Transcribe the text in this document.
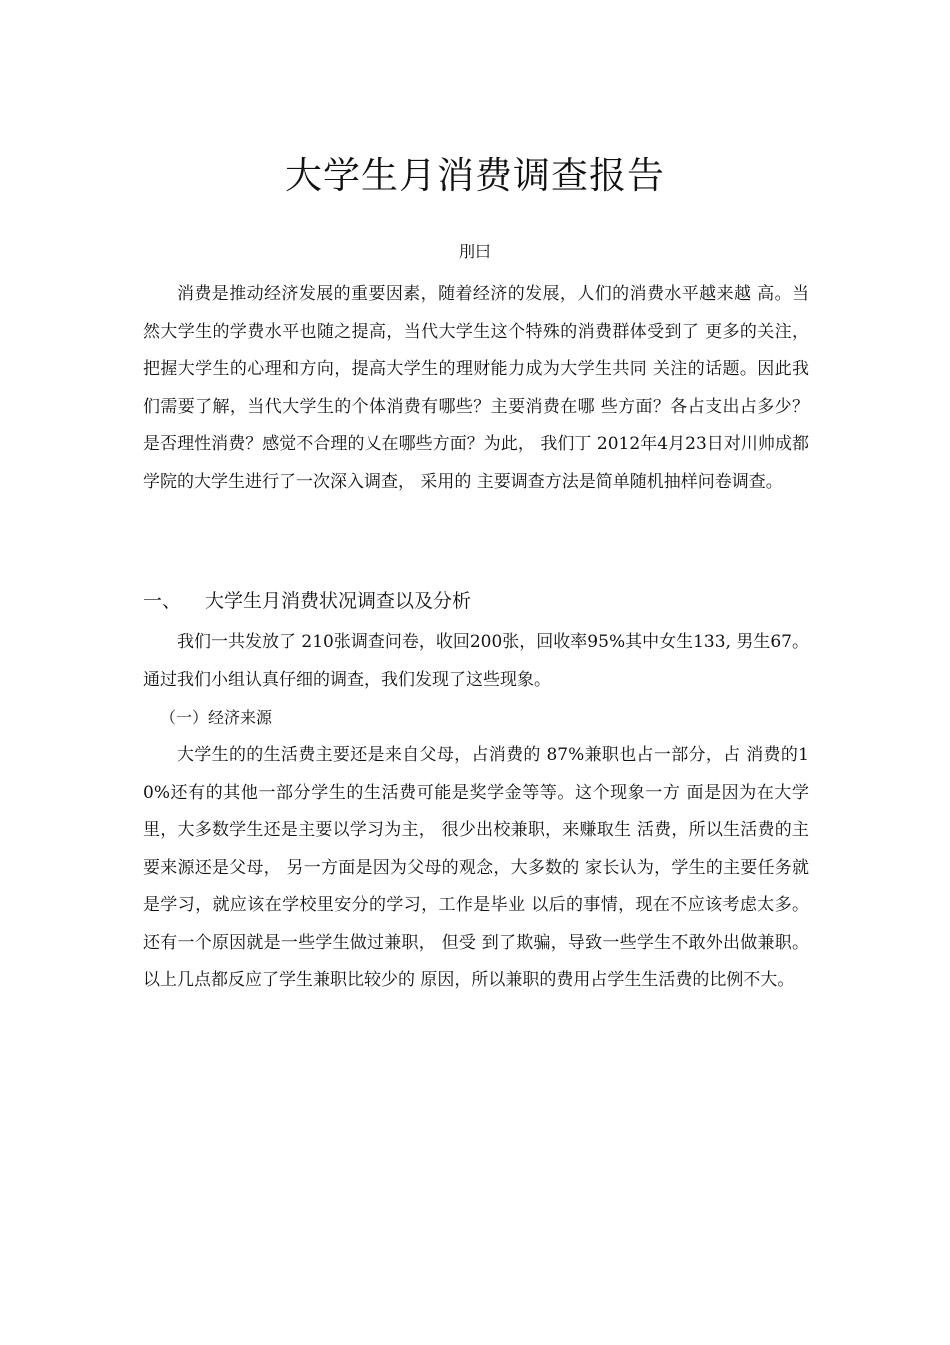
大学生月消费调查报告
刖曰

消费是推动经济发展的重要因素，随着经济的发展，人们的消费水平越来越 高。当然大学生的学费水平也随之提高，当代大学生这个特殊的消费群体受到了 更多的关注，把握大学生的心理和方向，提高大学生的理财能力成为大学生共同 关注的话题。因此我们需要了解，当代大学生的个体消费有哪些？主要消费在哪 些方面？各占支出占多少？是否理性消费？感觉不合理的乂在哪些方面？为此， 我们丁 2012年4月23日对川帅成都学院的大学生进行了一次深入调查， 采用的 主要调查方法是简单随机抽样问卷调查。

一、 大学生月消费状况调查以及分析

我们一共发放了 210张调查问卷，收回200张，回收率95%其中女生133, 男生67。通过我们小组认真仔细的调查，我们发现了这些现象。

（一）经济来源

大学生的的生活费主要还是来自父母，占消费的 87%兼职也占一部分，占 消费的10%还有的其他一部分学生的生活费可能是奖学金等等。这个现象一方 面是因为在大学里，大多数学生还是主要以学习为主， 很少出校兼职，来赚取生 活费，所以生活费的主要来源还是父母， 另一方面是因为父母的观念，大多数的 家长认为，学生的主要任务就是学习，就应该在学校里安分的学习，工作是毕业 以后的事情，现在不应该考虑太多。还有一个原因就是一些学生做过兼职， 但受 到了欺骗，导致一些学生不敢外出做兼职。以上几点都反应了学生兼职比较少的 原因，所以兼职的费用占学生生活费的比例不大。
